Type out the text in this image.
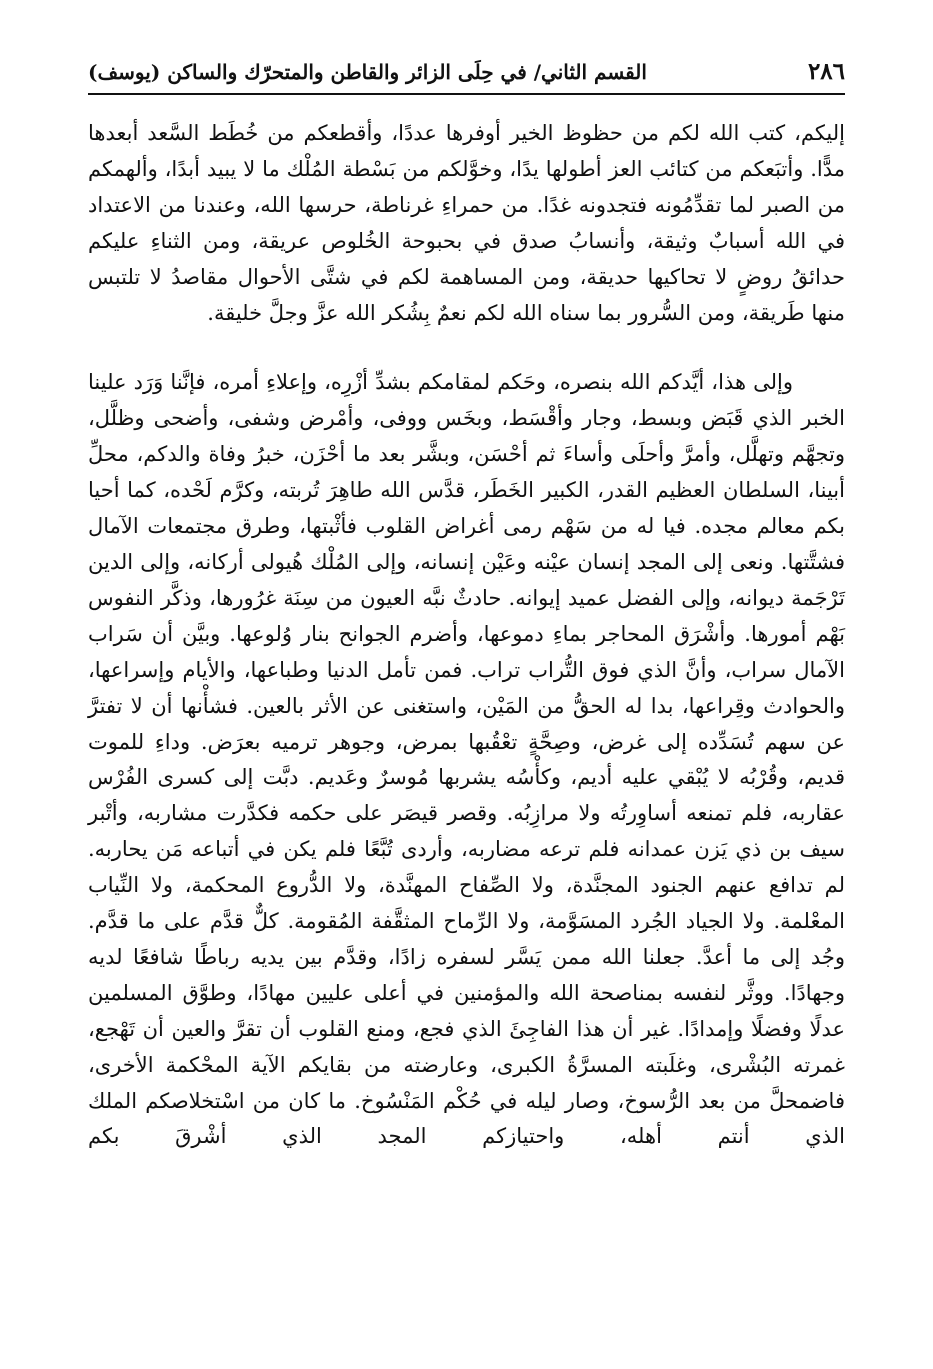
٢٨٦
القسم الثاني/ في حِلَى الزائر والقاطن والمتحرّك والساكن (يوسف)

إليكم، كتب الله لكم من حظوظ الخير أوفرها عددًا، وأقطعكم من خُطَط السَّعد أبعدها مدًّا. وأتبَعكم من كتائب العز أطولها يدًا، وخوَّلكم من بَسْطة المُلْك ما لا يبيد أبدًا، وألهمكم من الصبر لما تقدِّمُونه فتجدونه غدًا. من حمراءِ غرناطة، حرسها الله، وعندنا من الاعتداد في الله أسبابٌ وثيقة، وأنسابُ صدق في بحبوحة الخُلوص عريقة، ومن الثناءِ عليكم حدائقُ روضٍ لا تحاكيها حديقة، ومن المساهمة لكم في شتَّى الأحوال مقاصدُ لا تلتبس منها طَريقة، ومن السُّرور بما سناه الله لكم نعمٌ بِشُكر الله عزَّ وجلَّ خليقة.

وإلى هذا، أيَّدكم الله بنصره، وحَكم لمقامكم بشدِّ أزْرِه، وإعلاءِ أمره، فإنَّنا وَرَد علينا الخبر الذي قَبَض وبسط، وجار وأقْسَط، وبخَس ووفى، وأمْرض وشفى، وأضحى وظلَّل، وتجهَّم وتهلَّل، وأمرَّ وأحلَى وأساءَ ثم أحْسَن، وبشَّر بعد ما أحْزَن، خبرُ وفاة والدكم، محلِّ أبينا، السلطان العظيم القدر، الكبير الخَطَر، قدَّس الله طاهِرَ تُربته، وكرَّم لَحْده، كما أحيا بكم معالم مجده. فيا له من سَهْم رمى أغراض القلوب فأثْبتها، وطرق مجتمعات الآمال فشتَّتها. ونعى إلى المجد إنسان عيْنه وعَيْن إنسانه، وإلى المُلْك هُيولى أركانه، وإلى الدين تَرْجَمة ديوانه، وإلى الفضل عميد إيوانه. حادثٌ نبَّه العيون من سِنَة غرُورها، وذكَّر النفوس بَهْم أمورها. وأشْرَق المحاجر بماءِ دموعها، وأضرم الجوانح بنار وُلوعها. وبيَّن أن سَراب الآمال سراب، وأنَّ الذي فوق التُّراب تراب. فمن تأمل الدنيا وطباعها، والأيام وإسراعها، والحوادث وقِراعها، بدا له الحقُّ من المَيْن، واستغنى عن الأثر بالعين. فشأْنها أن لا تفترَّ عن سهم تُسَدِّده إلى غرض، وصِحَّةٍ تعْقُبها بمرض، وجوهر ترميه بعرَض. وداءِ للموت قديم، وقُرْبُه لا يُبْقي عليه أديم، وكأْسُه يشربها مُوسرٌ وعَديم. دبَّت إلى كسرى الفُرْس عقاربه، فلم تمنعه أساوِرتُه ولا مرازِبُه. وقصر قيصَر على حكمه فكدَّرت مشاربه، وأتْبر سيف بن ذي يَزن عمدانه فلم ترعه مضاربه، وأردى تُبَّعًا فلم يكن في أتباعه مَن يحاربه. لم تدافع عنهم الجنود المجنَّدة، ولا الصِّفاح المهنَّدة، ولا الدُّروع المحكمة، ولا النِّياب المعْلمة. ولا الجياد الجُرد المسَوَّمة، ولا الرِّماح المثقَّفة المُقومة. كلٌّ قدَّم على ما قدَّم. وجُد إلى ما أعدَّ. جعلنا الله ممن يَسَّر لسفره زادًا، وقدَّم بين يديه رباطًا شافعًا لديه وجهادًا. ووثَّر لنفسه بمناصحة الله والمؤمنين في أعلى عليين مهادًا، وطوَّق المسلمين عدلًا وفضلًا وإمدادًا. غير أن هذا الفاجِئَ الذي فجع، ومنع القلوب أن تقرَّ والعين أن تَهْجع، غمرته البُشْرى، وغلَبته المسرَّةُ الكبرى، وعارضته من بقايكم الآية المحْكمة الأخرى، فاضمحلَّ من بعد الرُّسوخ، وصار ليله في حُكْم المَنْسُوخ. ما كان من اسْتخلاصكم الملك الذي أنتم أهله، واحتيازكم المجد الذي أشْرقَ بكم
